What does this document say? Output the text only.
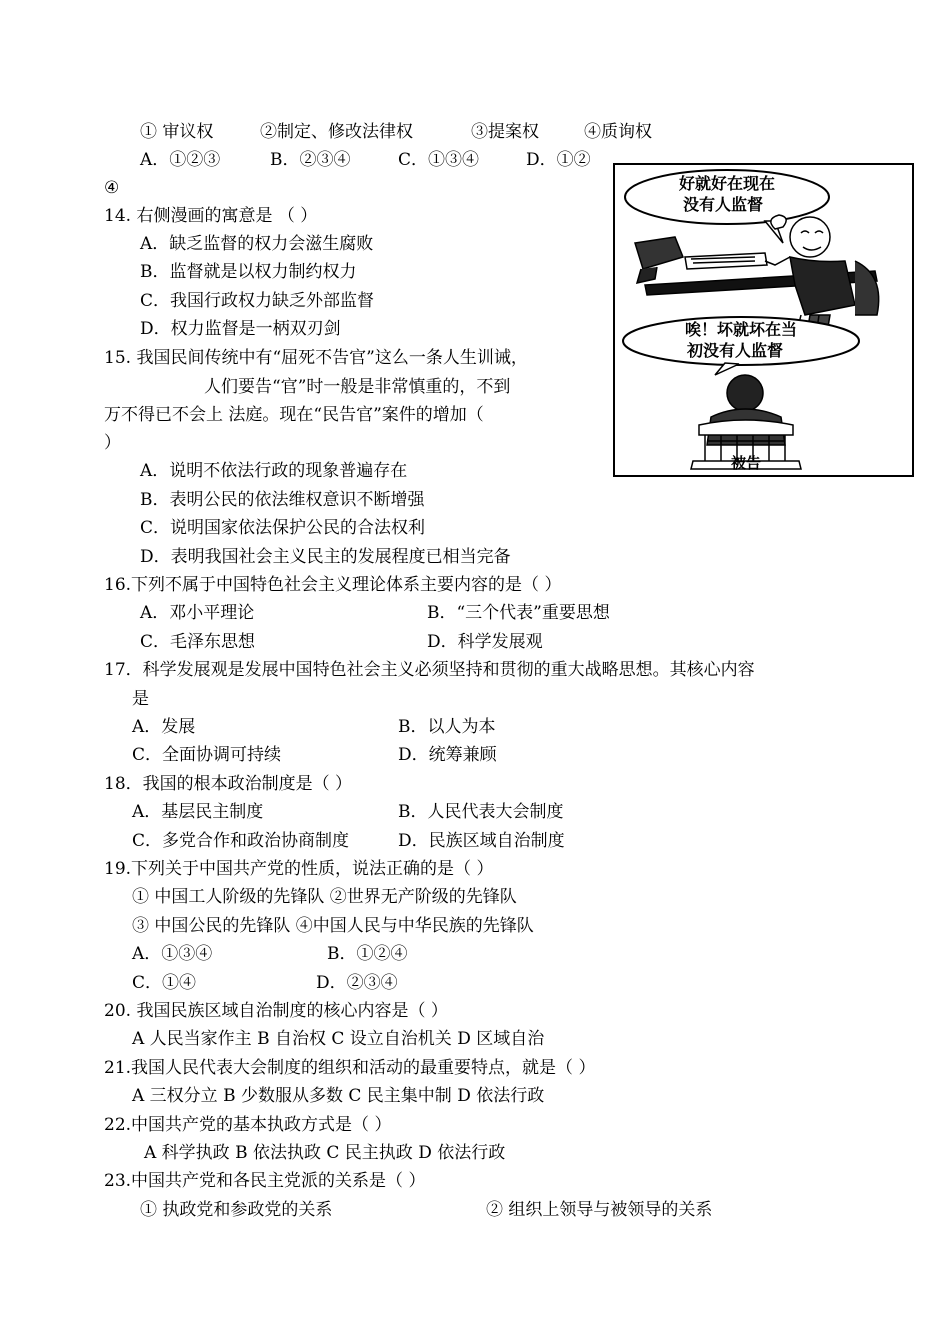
① 审议权	②制定、修改法律权	③提案权	④质询权
A．①②③	B．②③④	C．①③④	D．①②
④
14. 右侧漫画的寓意是 （ ）
A．缺乏监督的权力会滋生腐败
B．监督就是以权力制约权力
C．我国行政权力缺乏外部监督
D．权力监督是一柄双刃剑
15. 我国民间传统中有“屈死不告官”这么一条人生训诫，
人们要告“官”时一般是非常慎重的，不到
万不得已不会上 法庭。现在“民告官”案件的增加（
）
A．说明不依法行政的现象普遍存在
B．表明公民的依法维权意识不断增强
C．说明国家依法保护公民的合法权利
D．表明我国社会主义民主的发展程度已相当完备
16.下列不属于中国特色社会主义理论体系主要内容的是（ ）
A．邓小平理论	B．“三个代表”重要思想
C．毛泽东思想	D．科学发展观
17．科学发展观是发展中国特色社会主义必须坚持和贯彻的重大战略思想。其核心内容
是
A．发展	B．以人为本
C．全面协调可持续	D．统筹兼顾
18．我国的根本政治制度是（ ）
A．基层民主制度	B．人民代表大会制度
C．多党合作和政治协商制度	D．民族区域自治制度
19.下列关于中国共产党的性质，说法正确的是（ ）
① 中国工人阶级的先锋队 ②世界无产阶级的先锋队
③ 中国公民的先锋队 ④中国人民与中华民族的先锋队
A．①③④	B．①②④
C．①④	D．②③④
20. 我国民族区域自治制度的核心内容是（ ）
A 人民当家作主 B 自治权 C 设立自治机关 D 区域自治
21.我国人民代表大会制度的组织和活动的最重要特点，就是（ ）
A 三权分立 B 少数服从多数 C 民主集中制 D 依法行政
22.中国共产党的基本执政方式是（ ）
A 科学执政 B 依法执政 C 民主执政 D 依法行政
23.中国共产党和各民主党派的关系是（ ）
① 执政党和参政党的关系	② 组织上领导与被领导的关系
好就好在现在
没有人监督
唉！坏就坏在当
初没有人监督
被告
